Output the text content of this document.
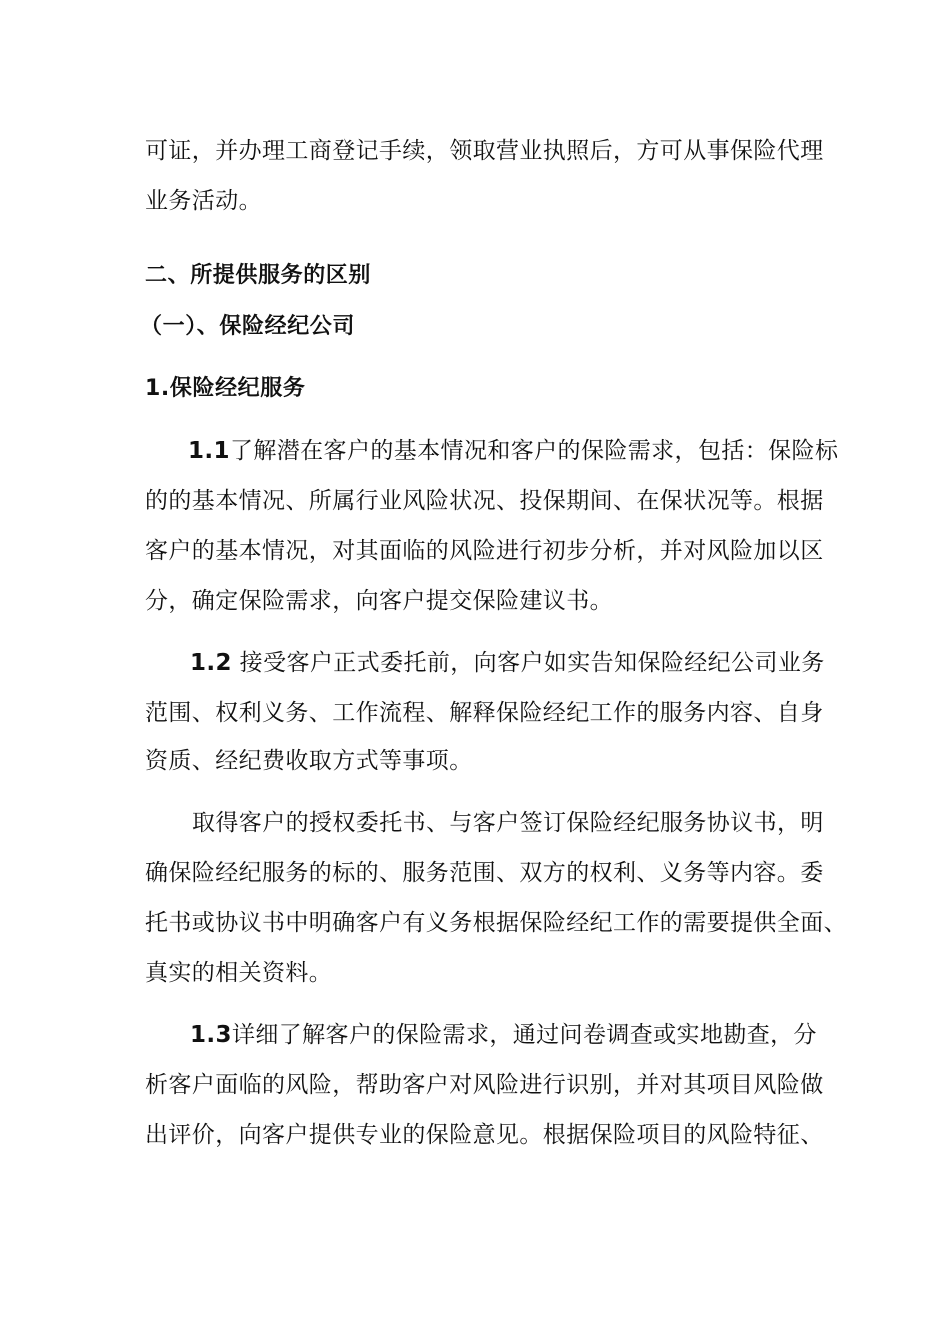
可证，并办理工商登记手续，领取营业执照后，方可从事保险代理
业务活动。
二、所提供服务的区别
（一）、保险经纪公司
1.保险经纪服务
1.1了解潜在客户的基本情况和客户的保险需求，包括：保险标
的的基本情况、所属行业风险状况、投保期间、在保状况等。根据
客户的基本情况，对其面临的风险进行初步分析，并对风险加以区
分，确定保险需求，向客户提交保险建议书。
1.2 接受客户正式委托前，向客户如实告知保险经纪公司业务
范围、权利义务、工作流程、解释保险经纪工作的服务内容、自身
资质、经纪费收取方式等事项。
取得客户的授权委托书、与客户签订保险经纪服务协议书，明
确保险经纪服务的标的、服务范围、双方的权利、义务等内容。委
托书或协议书中明确客户有义务根据保险经纪工作的需要提供全面、
真实的相关资料。
1.3详细了解客户的保险需求，通过问卷调查或实地勘查，分
析客户面临的风险，帮助客户对风险进行识别，并对其项目风险做
出评价，向客户提供专业的保险意见。根据保险项目的风险特征、
